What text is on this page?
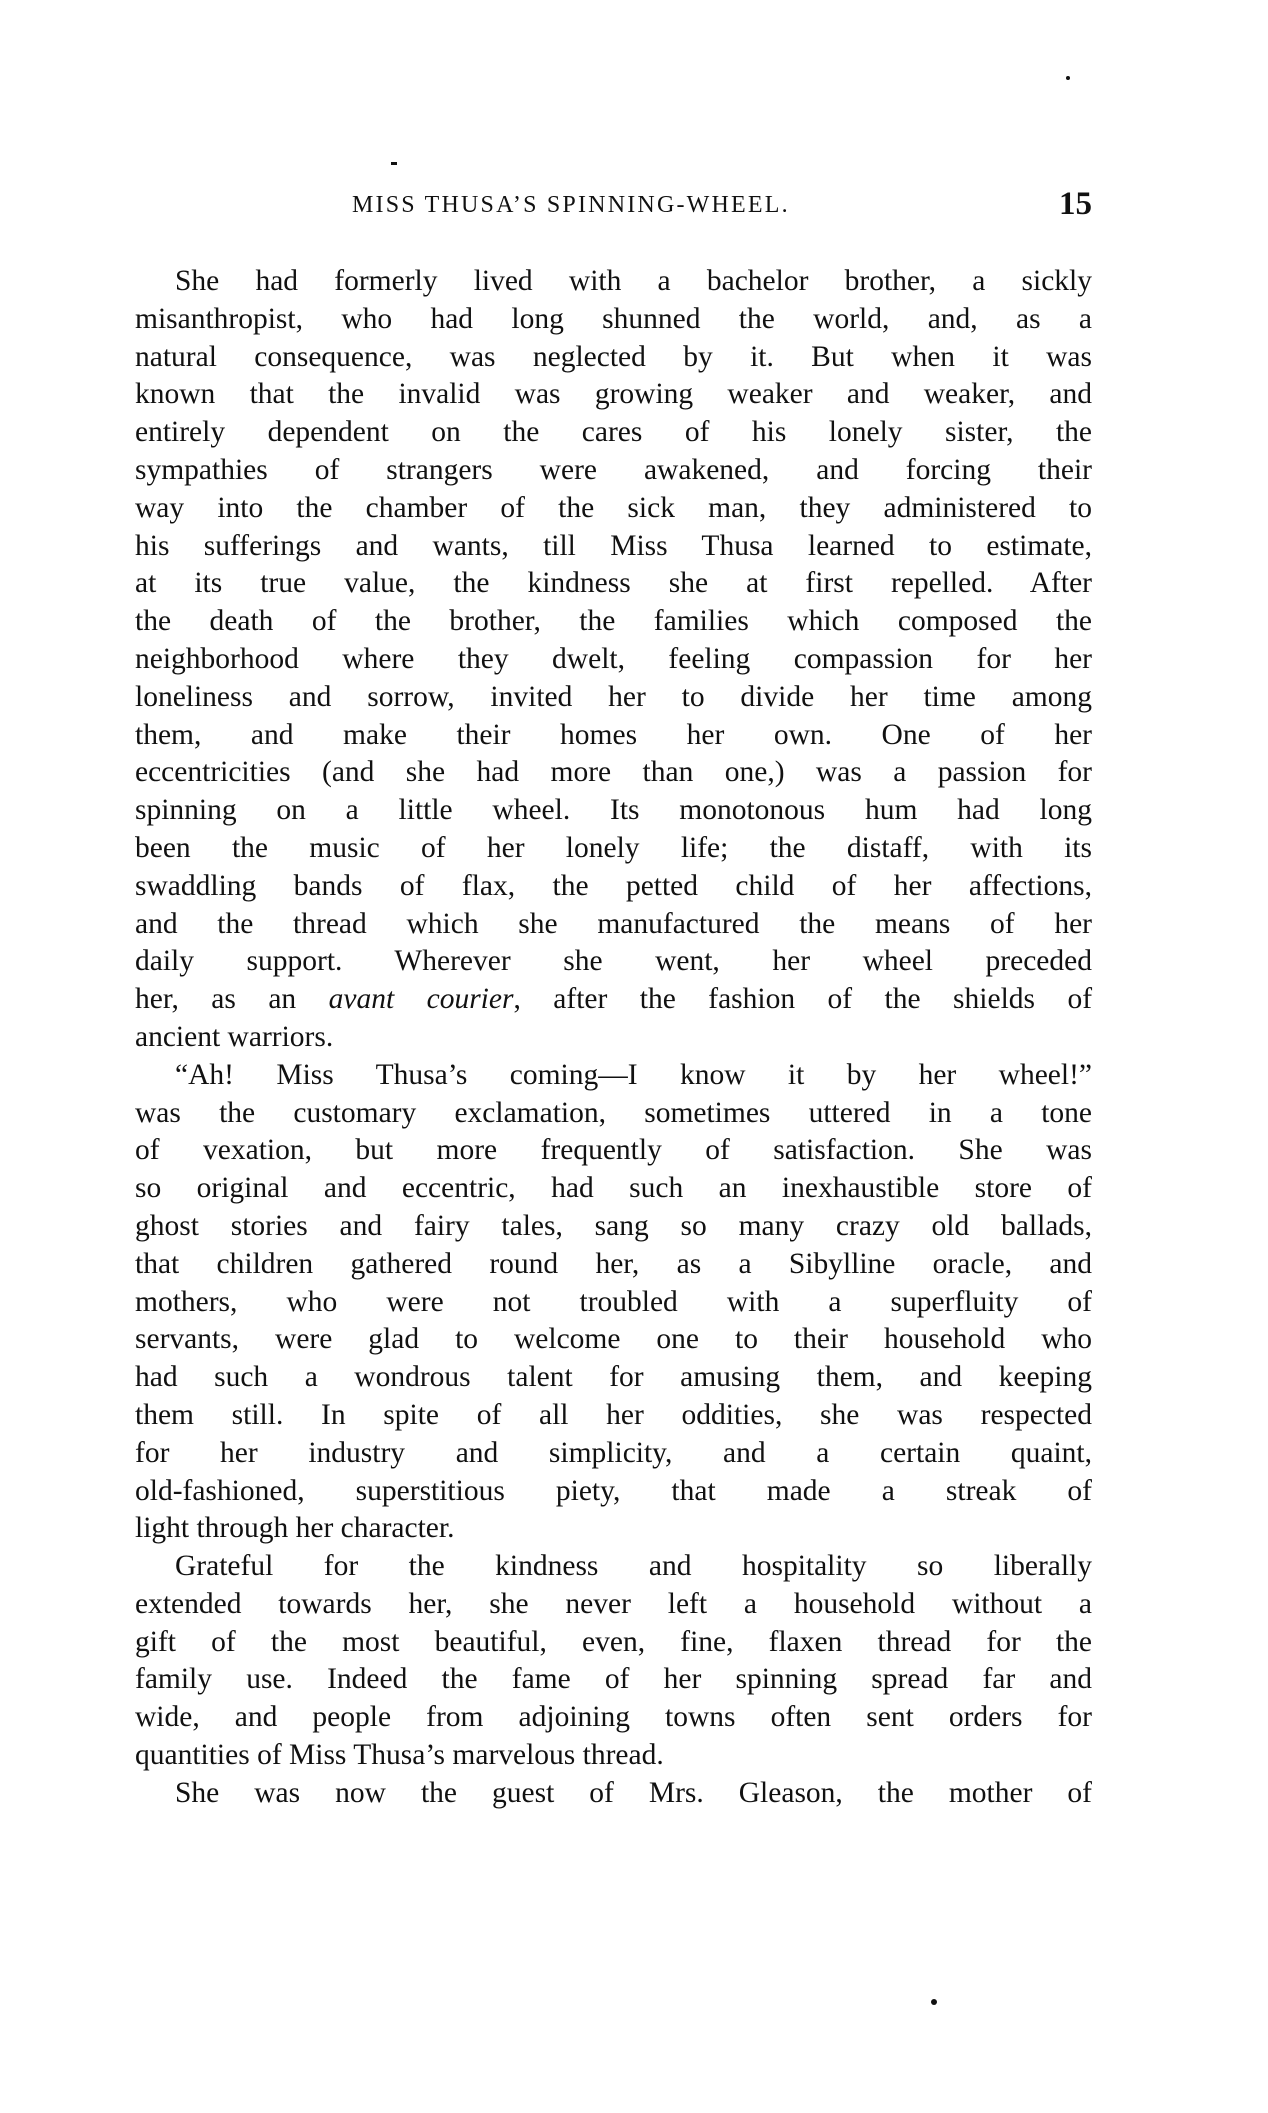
MISS THUSA’S SPINNING-WHEEL.	15
She had formerly lived with a bachelor brother, a sickly
misanthropist, who had long shunned the world, and, as a
natural consequence, was neglected by it. But when it was
known that the invalid was growing weaker and weaker, and
entirely dependent on the cares of his lonely sister, the
sympathies of strangers were awakened, and forcing their
way into the chamber of the sick man, they administered to
his sufferings and wants, till Miss Thusa learned to estimate,
at its true value, the kindness she at first repelled. After
the death of the brother, the families which composed the
neighborhood where they dwelt, feeling compassion for her
loneliness and sorrow, invited her to divide her time among
them, and make their homes her own. One of her
eccentricities (and she had more than one,) was a passion for
spinning on a little wheel. Its monotonous hum had long
been the music of her lonely life; the distaff, with its
swaddling bands of flax, the petted child of her affections,
and the thread which she manufactured the means of her
daily support. Wherever she went, her wheel preceded
her, as an avant courier, after the fashion of the shields of
ancient warriors.
“Ah! Miss Thusa’s coming—I know it by her wheel!”
was the customary exclamation, sometimes uttered in a tone
of vexation, but more frequently of satisfaction. She was
so original and eccentric, had such an inexhaustible store of
ghost stories and fairy tales, sang so many crazy old ballads,
that children gathered round her, as a Sibylline oracle, and
mothers, who were not troubled with a superfluity of
servants, were glad to welcome one to their household who
had such a wondrous talent for amusing them, and keeping
them still. In spite of all her oddities, she was respected
for her industry and simplicity, and a certain quaint,
old-fashioned, superstitious piety, that made a streak of
light through her character.
Grateful for the kindness and hospitality so liberally
extended towards her, she never left a household without a
gift of the most beautiful, even, fine, flaxen thread for the
family use. Indeed the fame of her spinning spread far and
wide, and people from adjoining towns often sent orders for
quantities of Miss Thusa’s marvelous thread.
She was now the guest of Mrs. Gleason, the mother of
